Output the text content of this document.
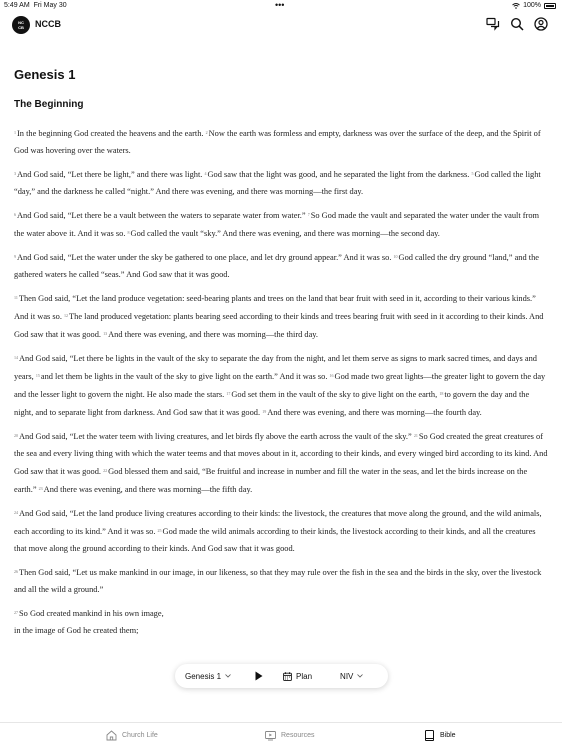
5:49 AM Fri May 30	•••	100%
NC
CB	NCCB
Genesis 1
The Beginning

$^1$In the beginning God created the heavens and the earth. $^2$Now the earth was formless and empty, darkness was over the surface of the deep, and the Spirit of God was hovering over the waters.

$^3$And God said, “Let there be light,” and there was light. $^4$God saw that the light was good, and he separated the light from the darkness. $^5$God called the light “day,” and the darkness he called “night.” And there was evening, and there was morning—the first day.

$^6$And God said, “Let there be a vault between the waters to separate water from water.” $^7$So God made the vault and separated the water under the vault from the water above it. And it was so. $^8$God called the vault “sky.” And there was evening, and there was morning—the second day.

$^9$And God said, “Let the water under the sky be gathered to one place, and let dry ground appear.” And it was so. $^{10}$God called the dry ground “land,” and the gathered waters he called “seas.” And God saw that it was good.

$^{11}$Then God said, “Let the land produce vegetation: seed-bearing plants and trees on the land that bear fruit with seed in it, according to their various kinds.” And it was so. $^{12}$The land produced vegetation: plants bearing seed according to their kinds and trees bearing fruit with seed in it according to their kinds. And God saw that it was good. $^{13}$And there was evening, and there was morning—the third day.

$^{14}$And God said, “Let there be lights in the vault of the sky to separate the day from the night, and let them serve as signs to mark sacred times, and days and years, $^{15}$and let them be lights in the vault of the sky to give light on the earth.” And it was so. $^{16}$God made two great lights—the greater light to govern the day and the lesser light to govern the night. He also made the stars. $^{17}$God set them in the vault of the sky to give light on the earth, $^{18}$to govern the day and the night, and to separate light from darkness. And God saw that it was good. $^{19}$And there was evening, and there was morning—the fourth day.

$^{20}$And God said, “Let the water teem with living creatures, and let birds fly above the earth across the vault of the sky.” $^{21}$So God created the great creatures of the sea and every living thing with which the water teems and that moves about in it, according to their kinds, and every winged bird according to its kind. And God saw that it was good. $^{22}$God blessed them and said, “Be fruitful and increase in number and fill the water in the seas, and let the birds increase on the earth.” $^{23}$And there was evening, and there was morning—the fifth day.

$^{24}$And God said, “Let the land produce living creatures according to their kinds: the livestock, the creatures that move along the ground, and the wild animals, each according to its kind.” And it was so. $^{25}$God made the wild animals according to their kinds, the livestock according to their kinds, and all the creatures that move along the ground according to their kinds. And God saw that it was good.

$^{26}$Then God said, “Let us make mankind in our image, in our likeness, so that they may rule over the fish in the sea and the birds in the sky, over the livestock and all the wild a ground.”

$^{27}$So God created mankind in his own image,
in the image of God he created them;

Genesis 1	Plan	NIV
Church Life	Resources	Bible
